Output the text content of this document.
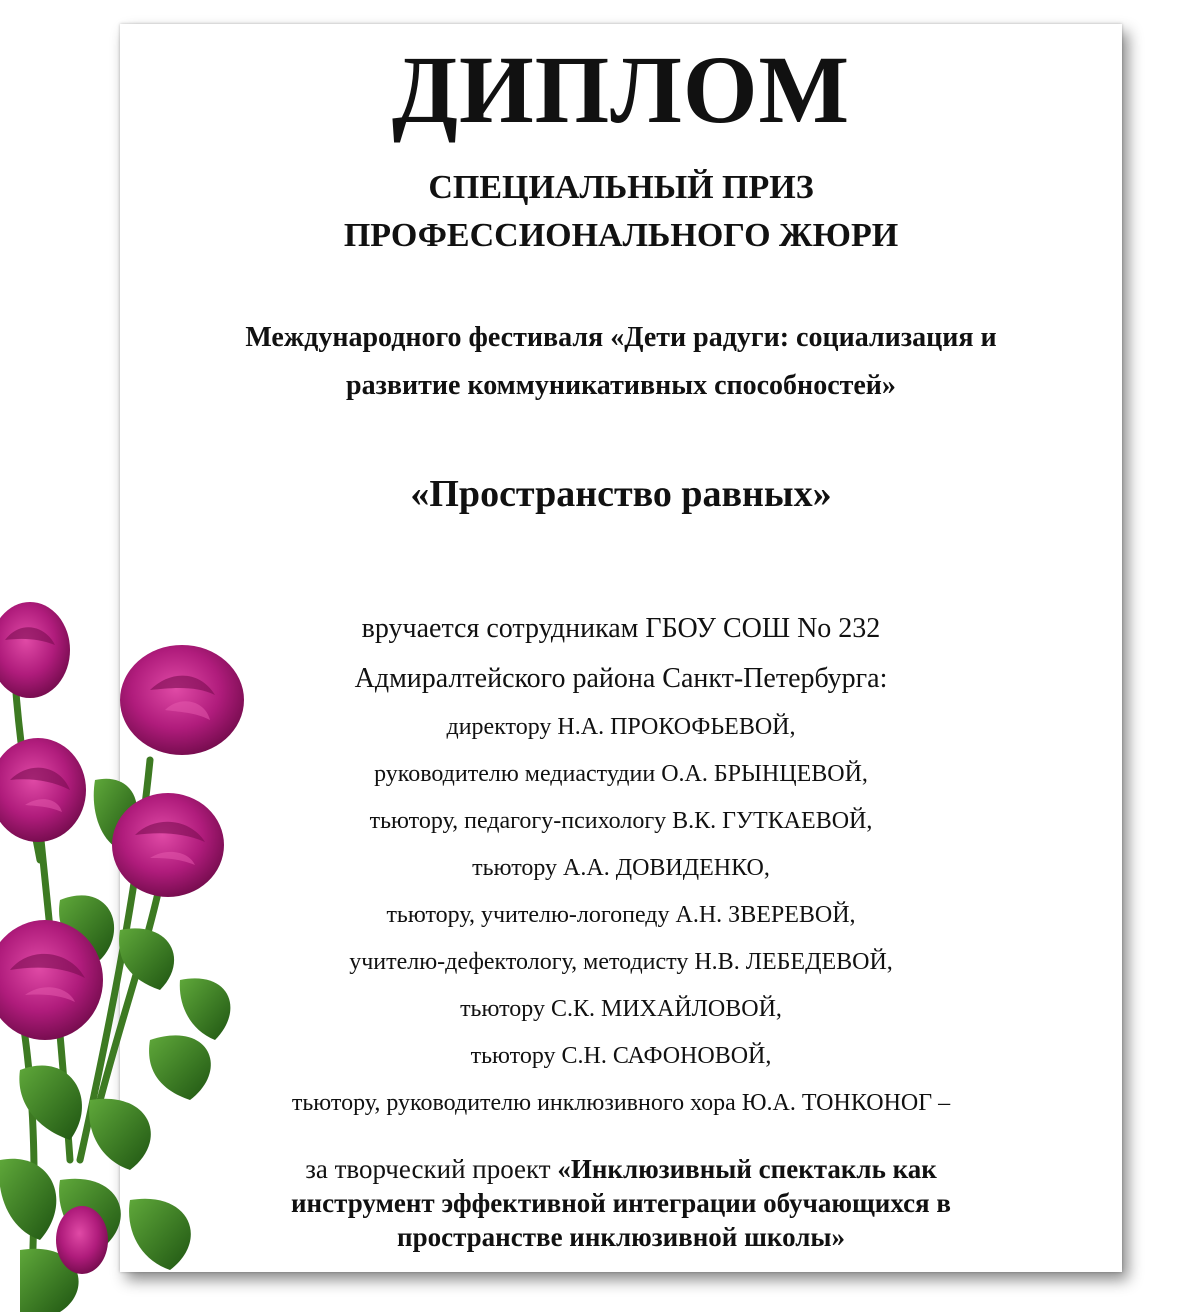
ДИПЛОМ
СПЕЦИАЛЬНЫЙ ПРИЗ
ПРОФЕССИОНАЛЬНОГО ЖЮРИ
Международного фестиваля «Дети радуги: социализация и
развитие коммуникативных способностей»
«Пространство равных»
вручается сотрудникам ГБОУ СОШ No 232
Адмиралтейского района Санкт-Петербурга:
директору Н.А. ПРОКОФЬЕВОЙ,
руководителю медиастудии О.А. БРЫНЦЕВОЙ,
тьютору, педагогу-психологу В.К. ГУТКАЕВОЙ,
тьютору А.А. ДОВИДЕНКО,
тьютору, учителю-логопеду А.Н. ЗВЕРЕВОЙ,
учителю-дефектологу, методисту Н.В. ЛЕБЕДЕВОЙ,
тьютору С.К. МИХАЙЛОВОЙ,
тьютору С.Н. САФОНОВОЙ,
тьютору, руководителю инклюзивного хора Ю.А. ТОНКОНОГ –
за творческий проект «Инклюзивный спектакль как
инструмент эффективной интеграции обучающихся в
пространстве инклюзивной школы»
